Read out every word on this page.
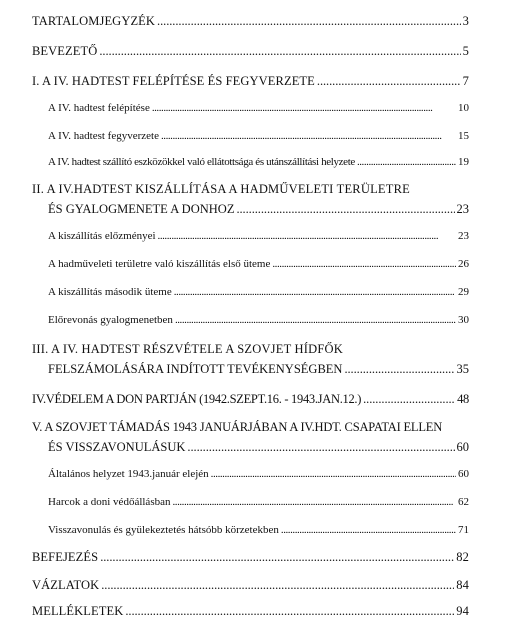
TARTALOMJEGYZÉK . . .	3
BEVEZETŐ . . .	5
I. A IV. HADTEST FELÉPÍTÉSE ÉS FEGYVERZETE . . .	7
A IV. hadtest felépítése . . .	10
A IV. hadtest fegyverzete . . .	15
A IV. hadtest szállító eszközökkel való ellátottsága és utánszállítási helyzete . . .	19
II. A IV.HADTEST KISZÁLLÍTÁSA A HADMŰVELETI TERÜLETRE
ÉS GYALOGMENETE A DONHOZ . . .	23
A kiszállítás előzményei . . .	23
A hadműveleti területre való kiszállítás első üteme . . .	26
A kiszállítás második üteme . . .	29
Előrevonás gyalogmenetben . . .	30
III. A IV. HADTEST RÉSZVÉTELE A SZOVJET HÍDFŐK
FELSZÁMOLÁSÁRA INDÍTOTT TEVÉKENYSÉGBEN . . .	35
IV.VÉDELEM A DON PARTJÁN (1942.SZEPT.16. - 1943.JAN.12.) . . .	48
V. A SZOVJET TÁMADÁS 1943 JANUÁRJÁBAN A IV.HDT. CSAPATAI ELLEN
ÉS VISSZAVONULÁSUK . . .	60
Általános helyzet 1943.január elején . . .	60
Harcok a doni védőállásban . . .	62
Visszavonulás és gyülekeztetés hátsóbb körzetekben . . .	71
BEFEJEZÉS . . .	82
VÁZLATOK . . .	84
MELLÉKLETEK . . .	94
